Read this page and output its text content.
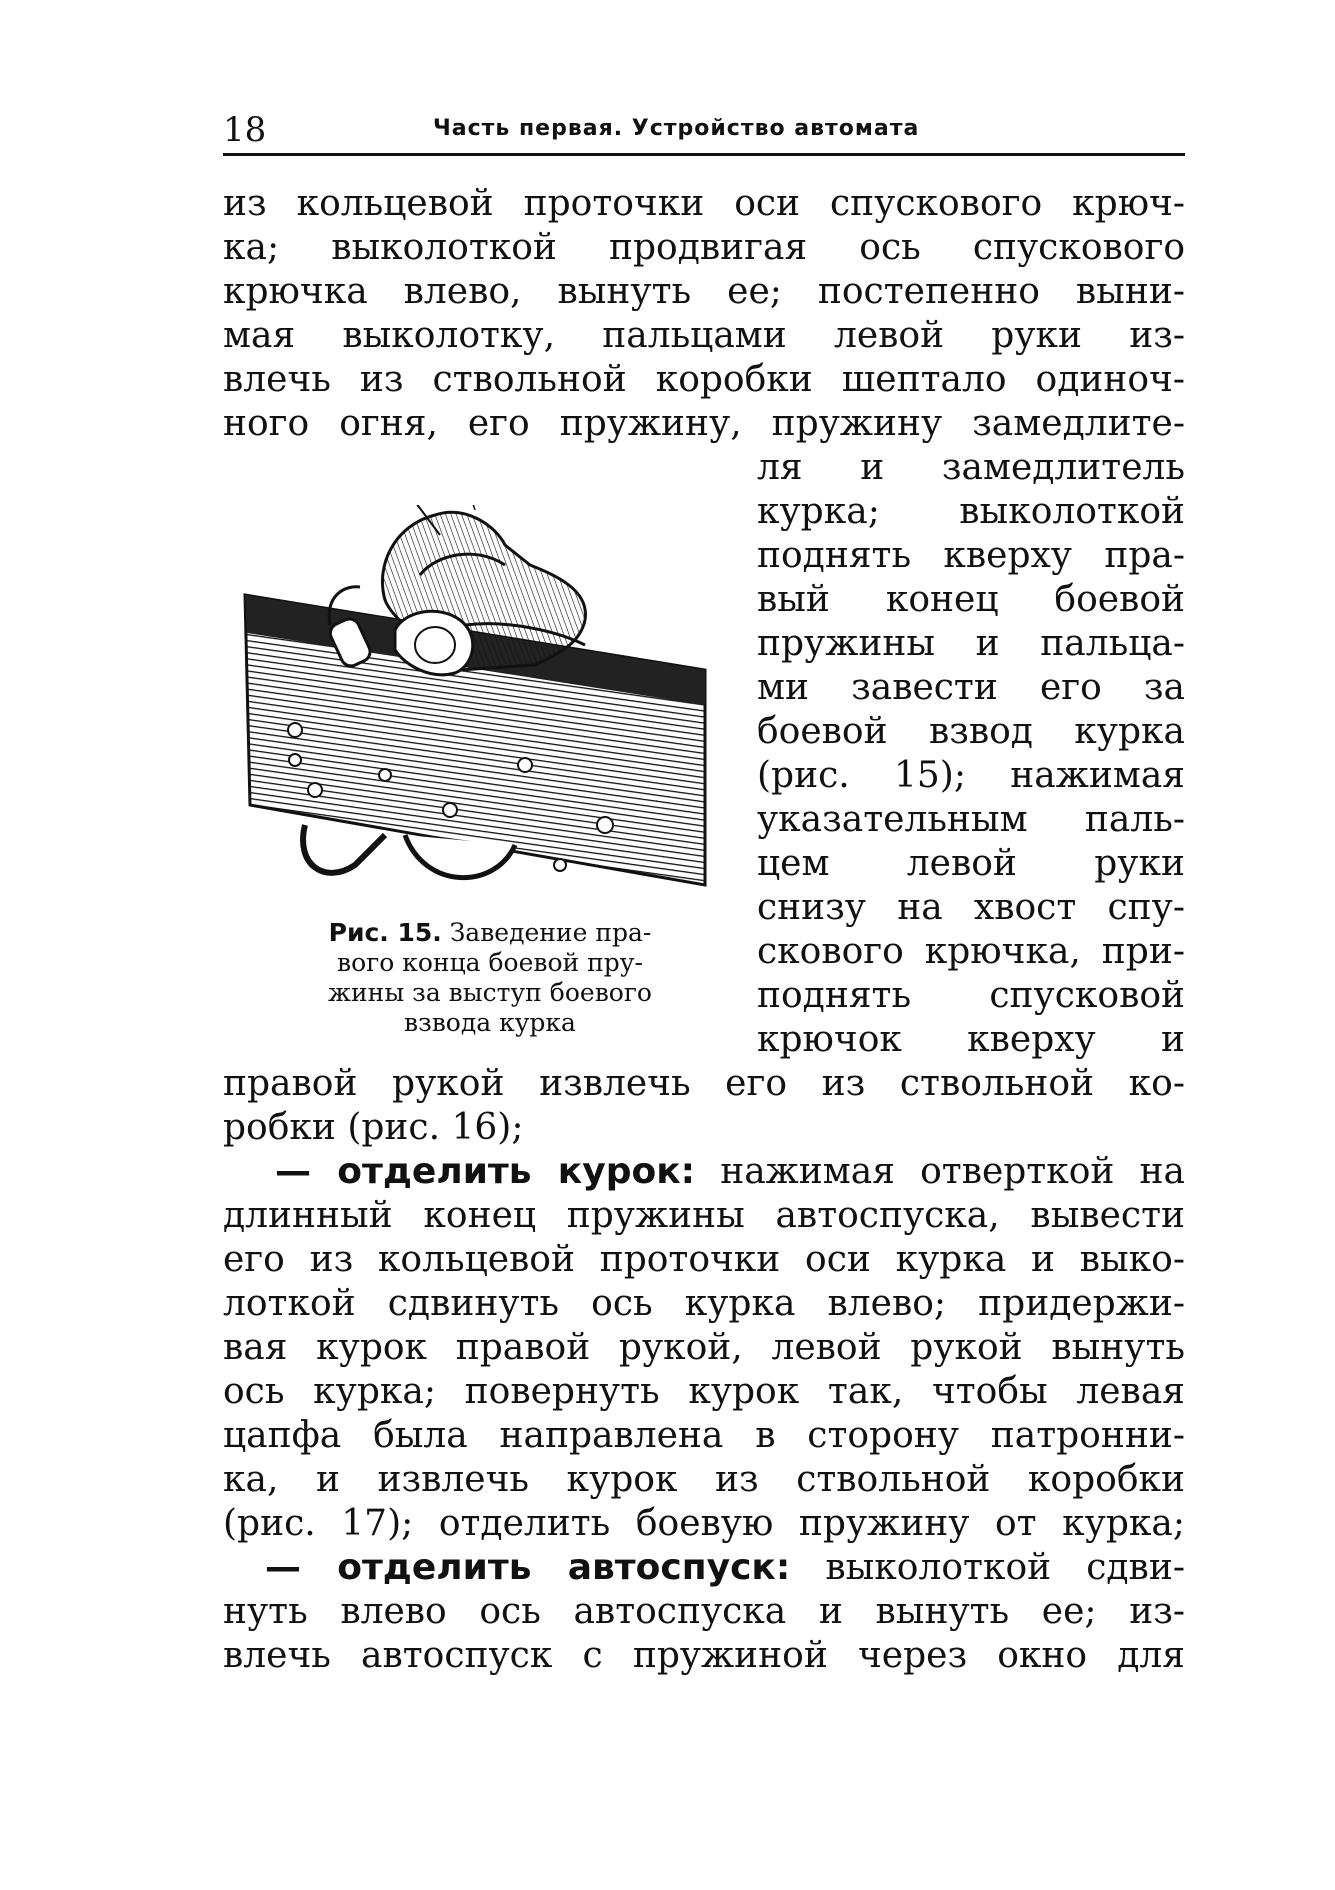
18	Часть первая. Устройство автомата
из кольцевой проточки оси спускового крюч-
ка; выколоткой продвигая ось спускового
крючка влево, вынуть ее; постепенно выни-
мая выколотку, пальцами левой руки из-
влечь из ствольной коробки шептало одиноч-
ного огня, его пружину, пружину замедлите-
ля и замедлитель
курка; выколоткой
поднять кверху пра-
вый конец боевой
пружины и пальца-
ми завести его за
боевой взвод курка
(рис. 15); нажимая
указательным паль-
цем левой руки
снизу на хвост спу-
скового крючка, при-
поднять спусковой
крючок кверху и
Рис. 15. Заведение пра-
вого конца боевой пру-
жины за выступ боевого
взвода курка
правой рукой извлечь его из ствольной ко-
робки (рис. 16);
— отделить курок: нажимая отверткой на
длинный конец пружины автоспуска, вывести
его из кольцевой проточки оси курка и выко-
лоткой сдвинуть ось курка влево; придержи-
вая курок правой рукой, левой рукой вынуть
ось курка; повернуть курок так, чтобы левая
цапфа была направлена в сторону патронни-
ка, и извлечь курок из ствольной коробки
(рис. 17); отделить боевую пружину от курка;
— отделить автоспуск: выколоткой сдви-
нуть влево ось автоспуска и вынуть ее; из-
влечь автоспуск с пружиной через окно для
